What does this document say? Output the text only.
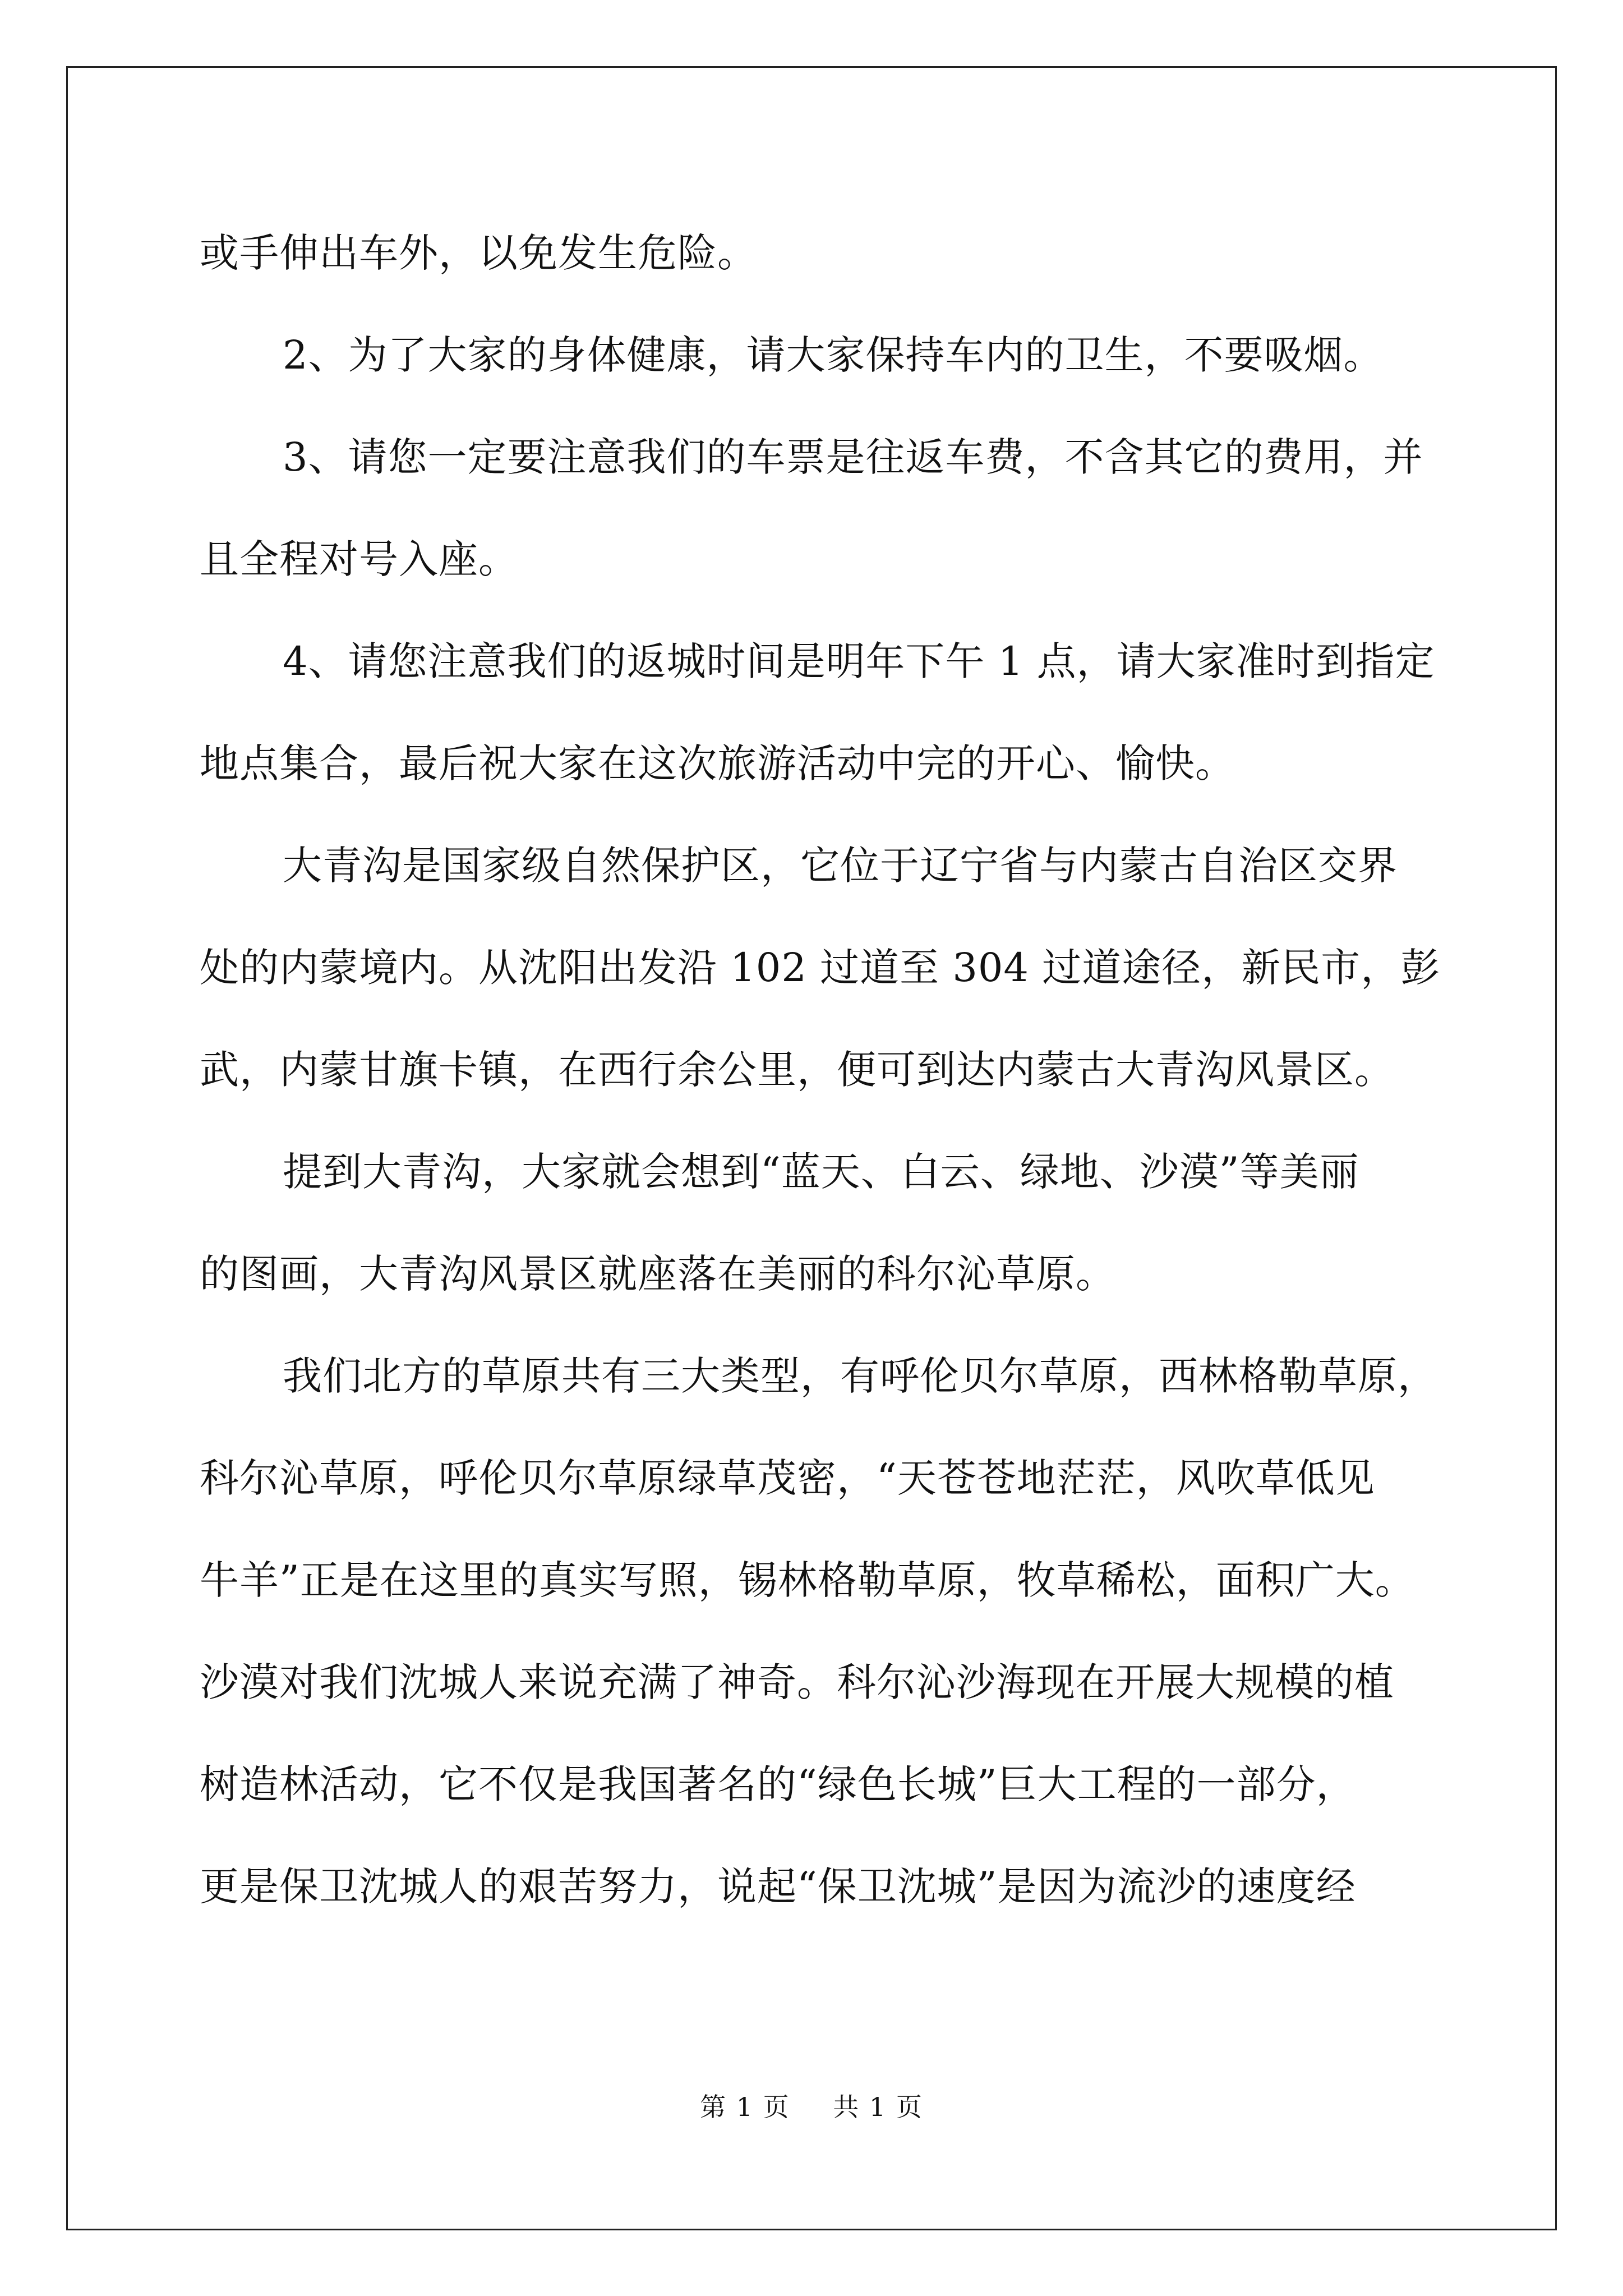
或手伸出车外，以免发生危险。
2、为了大家的身体健康，请大家保持车内的卫生，不要吸烟。
3、请您一定要注意我们的车票是往返车费，不含其它的费用，并
且全程对号入座。
4、请您注意我们的返城时间是明年下午 1 点，请大家准时到指定
地点集合，最后祝大家在这次旅游活动中完的开心、愉快。
大青沟是国家级自然保护区，它位于辽宁省与内蒙古自治区交界
处的内蒙境内。从沈阳出发沿 102 过道至 304 过道途径，新民市，彭
武，内蒙甘旗卡镇，在西行余公里，便可到达内蒙古大青沟风景区。
提到大青沟，大家就会想到“蓝天、白云、绿地、沙漠”等美丽
的图画，大青沟风景区就座落在美丽的科尔沁草原。
我们北方的草原共有三大类型，有呼伦贝尔草原，西林格勒草原，
科尔沁草原，呼伦贝尔草原绿草茂密，“天苍苍地茫茫，风吹草低见
牛羊”正是在这里的真实写照，锡林格勒草原，牧草稀松，面积广大。
沙漠对我们沈城人来说充满了神奇。科尔沁沙海现在开展大规模的植
树造林活动，它不仅是我国著名的“绿色长城”巨大工程的一部分，
更是保卫沈城人的艰苦努力，说起“保卫沈城”是因为流沙的速度经
第 1 页 共 1 页
